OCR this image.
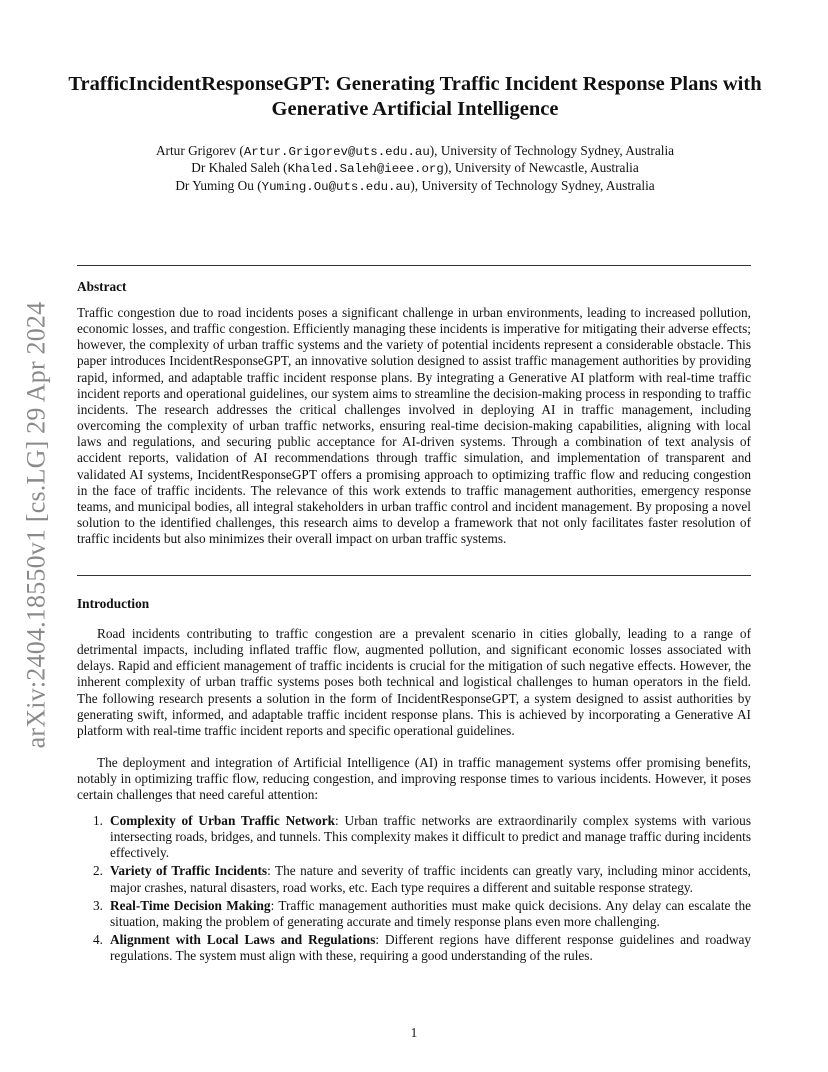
arXiv:2404.18550v1 [cs.LG] 29 Apr 2024
TrafficIncidentResponseGPT: Generating Traffic Incident Response Plans with Generative Artificial Intelligence
Artur Grigorev (Artur.Grigorev@uts.edu.au), University of Technology Sydney, Australia
Dr Khaled Saleh (Khaled.Saleh@ieee.org), University of Newcastle, Australia
Dr Yuming Ou (Yuming.Ou@uts.edu.au), University of Technology Sydney, Australia
Abstract

Traffic congestion due to road incidents poses a significant challenge in urban environments, leading to increased pollution, economic losses, and traffic congestion. Efficiently managing these incidents is imperative for mitigating their adverse effects; however, the complexity of urban traffic systems and the variety of potential incidents represent a considerable obstacle. This paper introduces IncidentResponseGPT, an innovative solution designed to assist traffic management authorities by providing rapid, informed, and adaptable traffic incident response plans. By integrating a Generative AI platform with real-time traffic incident reports and operational guidelines, our system aims to streamline the decision-making process in responding to traffic incidents. The research addresses the critical challenges involved in deploying AI in traffic management, including overcoming the complexity of urban traffic networks, ensuring real-time decision-making capabilities, aligning with local laws and regulations, and securing public acceptance for AI-driven systems. Through a combination of text analysis of accident reports, validation of AI recommendations through traffic simulation, and implementation of transparent and validated AI systems, IncidentResponseGPT offers a promising approach to optimizing traffic flow and reducing congestion in the face of traffic incidents. The relevance of this work extends to traffic management authorities, emergency response teams, and municipal bodies, all integral stakeholders in urban traffic control and incident management. By proposing a novel solution to the identified challenges, this research aims to develop a framework that not only facilitates faster resolution of traffic incidents but also minimizes their overall impact on urban traffic systems.

Introduction

Road incidents contributing to traffic congestion are a prevalent scenario in cities globally, leading to a range of detrimental impacts, including inflated traffic flow, augmented pollution, and significant economic losses associated with delays. Rapid and efficient management of traffic incidents is crucial for the mitigation of such negative effects. However, the inherent complexity of urban traffic systems poses both technical and logistical challenges to human operators in the field. The following research presents a solution in the form of IncidentResponseGPT, a system designed to assist authorities by generating swift, informed, and adaptable traffic incident response plans. This is achieved by incorporating a Generative AI platform with real-time traffic incident reports and specific operational guidelines.

The deployment and integration of Artificial Intelligence (AI) in traffic management systems offer promising benefits, notably in optimizing traffic flow, reducing congestion, and improving response times to various incidents. However, it poses certain challenges that need careful attention:

1. Complexity of Urban Traffic Network: Urban traffic networks are extraordinarily complex systems with various intersecting roads, bridges, and tunnels. This complexity makes it difficult to predict and manage traffic during incidents effectively.
2. Variety of Traffic Incidents: The nature and severity of traffic incidents can greatly vary, including minor accidents, major crashes, natural disasters, road works, etc. Each type requires a different and suitable response strategy.
3. Real-Time Decision Making: Traffic management authorities must make quick decisions. Any delay can escalate the situation, making the problem of generating accurate and timely response plans even more challenging.
4. Alignment with Local Laws and Regulations: Different regions have different response guidelines and roadway regulations. The system must align with these, requiring a good understanding of the rules.
1
